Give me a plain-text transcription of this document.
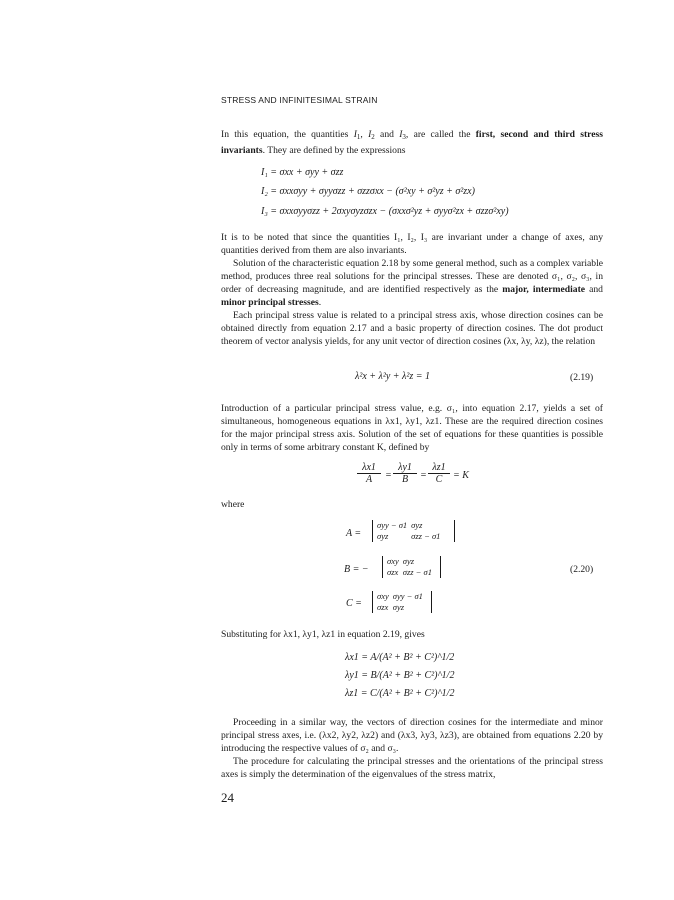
STRESS AND INFINITESIMAL STRAIN

In this equation, the quantities $I_1$, $I_2$ and $I_3$, are called the first, second and third stress invariants. They are defined by the expressions

I₁ = σxx + σyy + σzz
I₂ = σxxσyy + σyyσzz + σzzσxx − (σ²xy + σ²yz + σ²zx)
I₃ = σxxσyyσzz + 2σxyσyzσzx − (σxxσ²yz + σyyσ²zx + σzzσ²xy)

It is to be noted that since the quantities I₁, I₂, I₃ are invariant under a change of axes, any quantities derived from them are also invariants.

Solution of the characteristic equation 2.18 by some general method, such as a complex variable method, produces three real solutions for the principal stresses. These are denoted σ₁, σ₂, σ₃, in order of decreasing magnitude, and are identified respectively as the major, intermediate and minor principal stresses.

Each principal stress value is related to a principal stress axis, whose direction cosines can be obtained directly from equation 2.17 and a basic property of direction cosines. The dot product theorem of vector analysis yields, for any unit vector of direction cosines (λx, λy, λz), the relation

λ²x + λ²y + λ²z = 1	(2.19)

Introduction of a particular principal stress value, e.g. σ₁, into equation 2.17, yields a set of simultaneous, homogeneous equations in λx1, λy1, λz1. These are the required direction cosines for the major principal stress axis. Solution of the set of equations for these quantities is possible only in terms of some arbitrary constant K, defined by

$\frac{\lambda x1}{A} = \frac{\lambda y1}{B} = \frac{\lambda z1}{C} = K$

where

A =
σyy − σ1	σyz
σyz	σzz − σ1
B = −
σxy	σyz
σzx	σzz − σ1	(2.20)
C =
σxy	σyy − σ1
σzx	σyz

Substituting for λx1, λy1, λz1 in equation 2.19, gives

λx1 = A/(A² + B² + C²)^1/2
λy1 = B/(A² + B² + C²)^1/2
λz1 = C/(A² + B² + C²)^1/2

Proceeding in a similar way, the vectors of direction cosines for the intermediate and minor principal stress axes, i.e. (λx2, λy2, λz2) and (λx3, λy3, λz3), are obtained from equations 2.20 by introducing the respective values of σ₂ and σ₃.

The procedure for calculating the principal stresses and the orientations of the principal stress axes is simply the determination of the eigenvalues of the stress matrix,

24
